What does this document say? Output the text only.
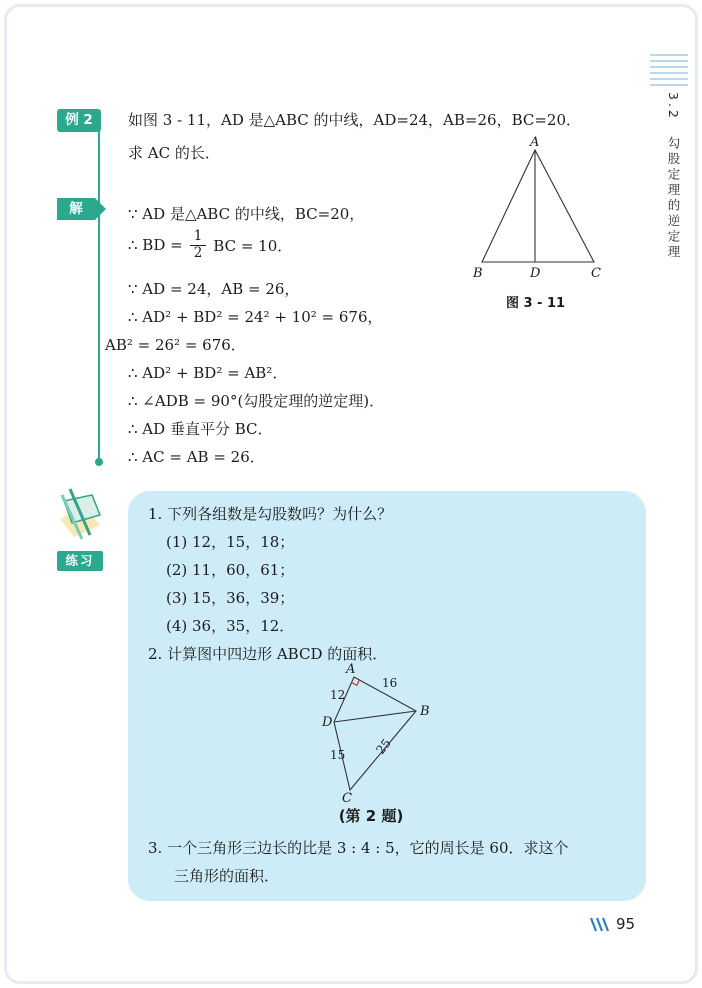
3.2　勾股定理的逆定理
例 2	如图 3 - 11，AD 是△ABC 的中线，AD=24，AB=26，BC=20．
求 AC 的长．
A
B	D	C
图 3 - 11
解	∵ AD 是△ABC 的中线，BC=20，
∴ BD = $\frac{1}{2}$ BC = 10．
∵ AD = 24，AB = 26，
∴ AD² + BD² = 24² + 10² = 676，
AB² = 26² = 676．
∴ AD² + BD² = AB²．
∴ ∠ADB = 90°(勾股定理的逆定理)．
∴ AD 垂直平分 BC．
∴ AC = AB = 26．
练习
1. 下列各组数是勾股数吗？为什么？
(1) 12，15，18；
(2) 11，60，61；
(3) 15，36，39；
(4) 36，35，12．
2. 计算图中四边形 ABCD 的面积．
A
B
C
D
16
12
15 25
(第 2 题)
3. 一个三角形三边长的比是 3 : 4 : 5，它的周长是 60．求这个
三角形的面积．
95
